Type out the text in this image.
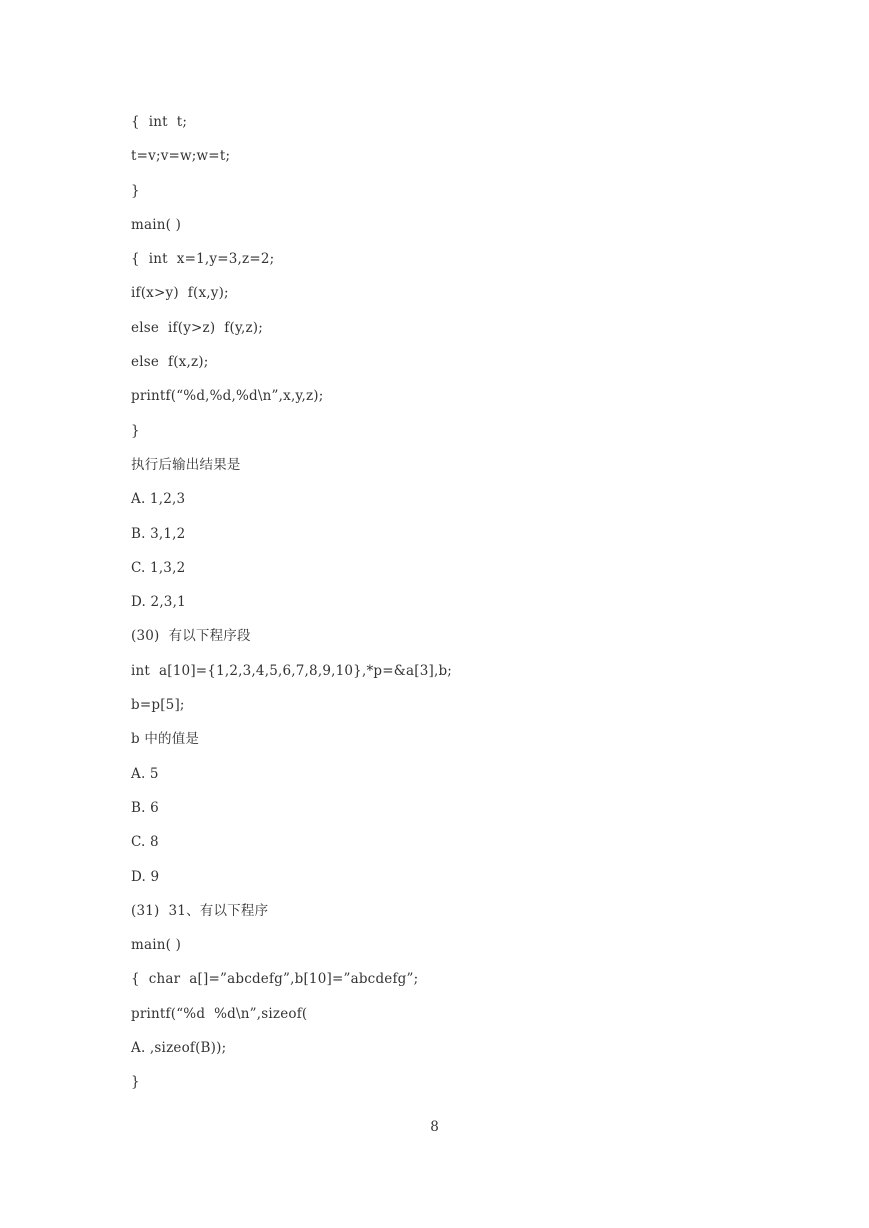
{  int  t;
t=v;v=w;w=t;
}
main( )
{  int  x=1,y=3,z=2;
if(x>y)  f(x,y);
else  if(y>z)  f(y,z);
else  f(x,z);
printf(“%d,%d,%d\n”,x,y,z);
}
执行后输出结果是
A. 1,2,3
B. 3,1,2
C. 1,3,2
D. 2,3,1
(30)  有以下程序段
int  a[10]={1,2,3,4,5,6,7,8,9,10},*p=&a[3],b;
b=p[5];
b 中的值是
A. 5
B. 6
C. 8
D. 9
(31)  31、有以下程序
main( )
{  char  a[]=”abcdefg”,b[10]=”abcdefg”;
printf(“%d  %d\n”,sizeof(
A. ,sizeof(B));
}
8
